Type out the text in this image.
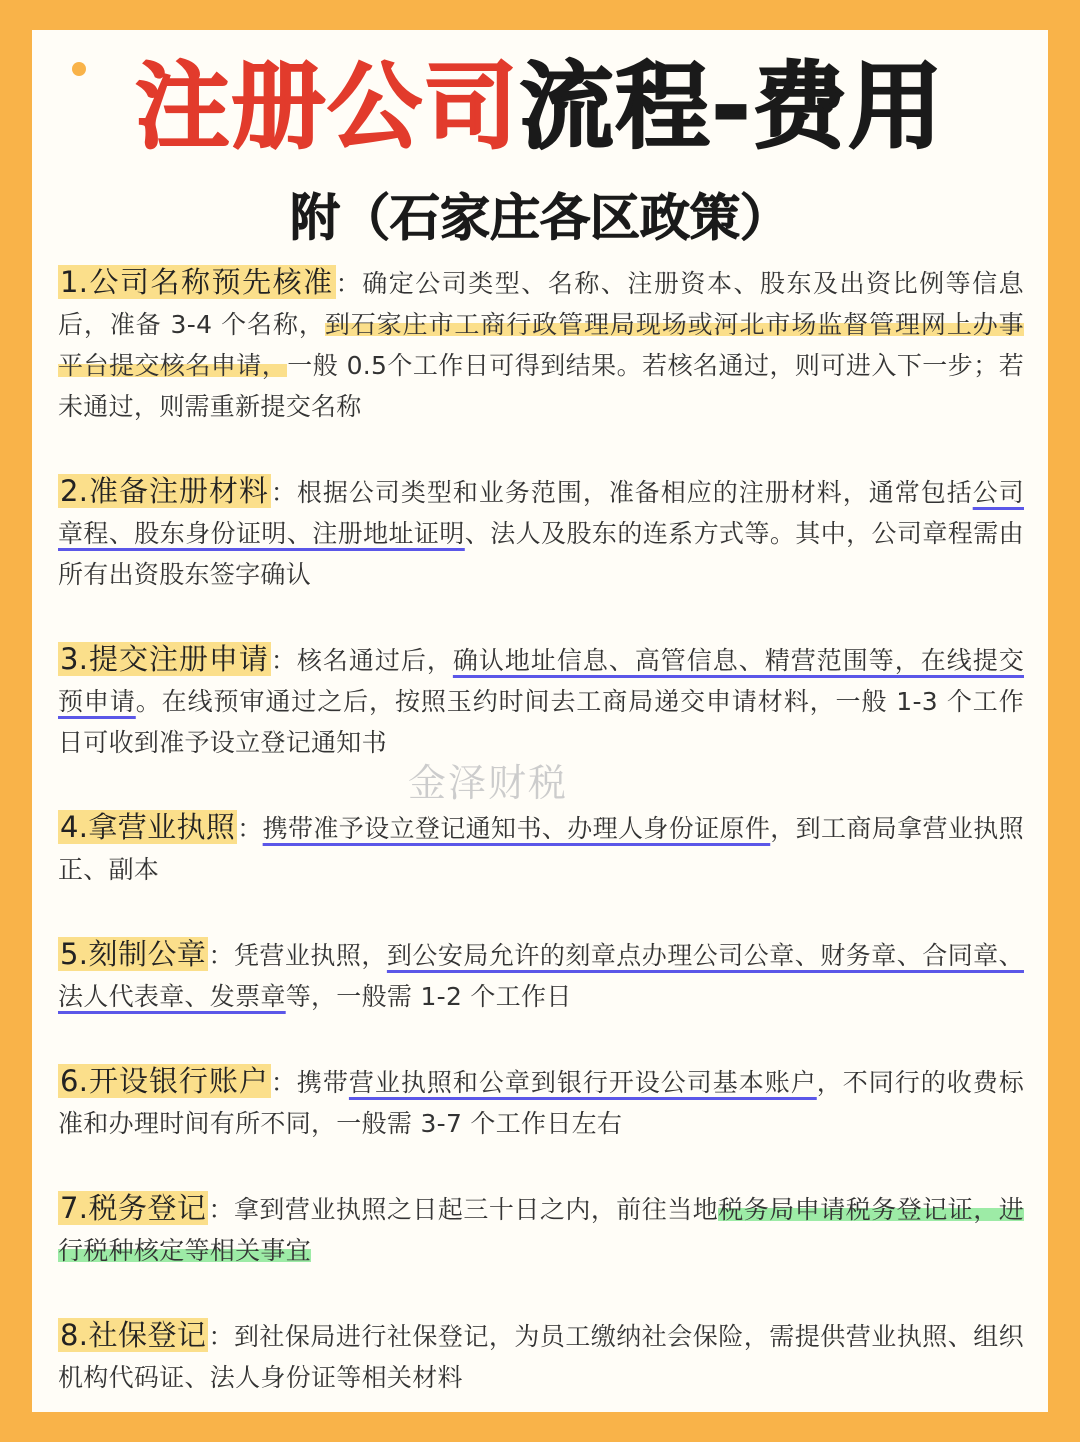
注册公司流程-费用
附（石家庄各区政策）
1.公司名称预先核准：确定公司类型、名称、注册资本、股东及出资比例等信息后，准备 3-4 个名称，到石家庄市工商行政管理局现场或河北市场监督管理网上办事平台提交核名申请，一般 0.5个工作日可得到结果。若核名通过，则可进入下一步；若未通过，则需重新提交名称
2.准备注册材料：根据公司类型和业务范围，准备相应的注册材料，通常包括公司章程、股东身份证明、注册地址证明、法人及股东的连系方式等。其中，公司章程需由所有出资股东签字确认
3.提交注册申请：核名通过后，确认地址信息、高管信息、精营范围等，在线提交预申请。在线预审通过之后，按照玉约时间去工商局递交申请材料，一般 1-3 个工作日可收到准予设立登记通知书
4.拿营业执照：携带准予设立登记通知书、办理人身份证原件，到工商局拿营业执照正、副本
5.刻制公章：凭营业执照，到公安局允许的刻章点办理公司公章、财务章、合同章、法人代表章、发票章等，一般需 1-2 个工作日
6.开设银行账户：携带营业执照和公章到银行开设公司基本账户，不同行的收费标准和办理时间有所不同，一般需 3-7 个工作日左右
7.税务登记：拿到营业执照之日起三十日之内，前往当地税务局申请税务登记证，进行税种核定等相关事宜
8.社保登记：到社保局进行社保登记，为员工缴纳社会保险，需提供营业执照、组织机构代码证、法人身份证等相关材料
金泽财税
